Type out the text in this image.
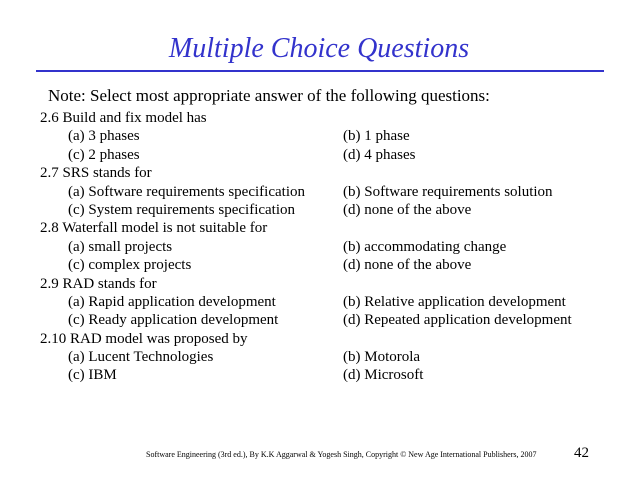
Multiple Choice Questions
Note: Select most appropriate answer of the following questions:
2.6 Build and fix model has
(a) 3 phases	(b) 1 phase
(c) 2 phases	(d) 4 phases
2.7 SRS stands for
(a) Software requirements specification	(b) Software requirements solution
(c) System requirements specification	(d) none of the above
2.8 Waterfall model is not suitable for
(a) small projects	(b) accommodating change
(c) complex projects	(d) none of the above
2.9 RAD stands for
(a) Rapid application development	(b) Relative application development
(c) Ready application development	(d) Repeated application development
2.10 RAD model was proposed by
(a) Lucent Technologies	(b) Motorola
(c) IBM	(d) Microsoft
Software Engineering (3rd ed.), By K.K Aggarwal & Yogesh Singh, Copyright © New Age International Publishers, 2007	42
